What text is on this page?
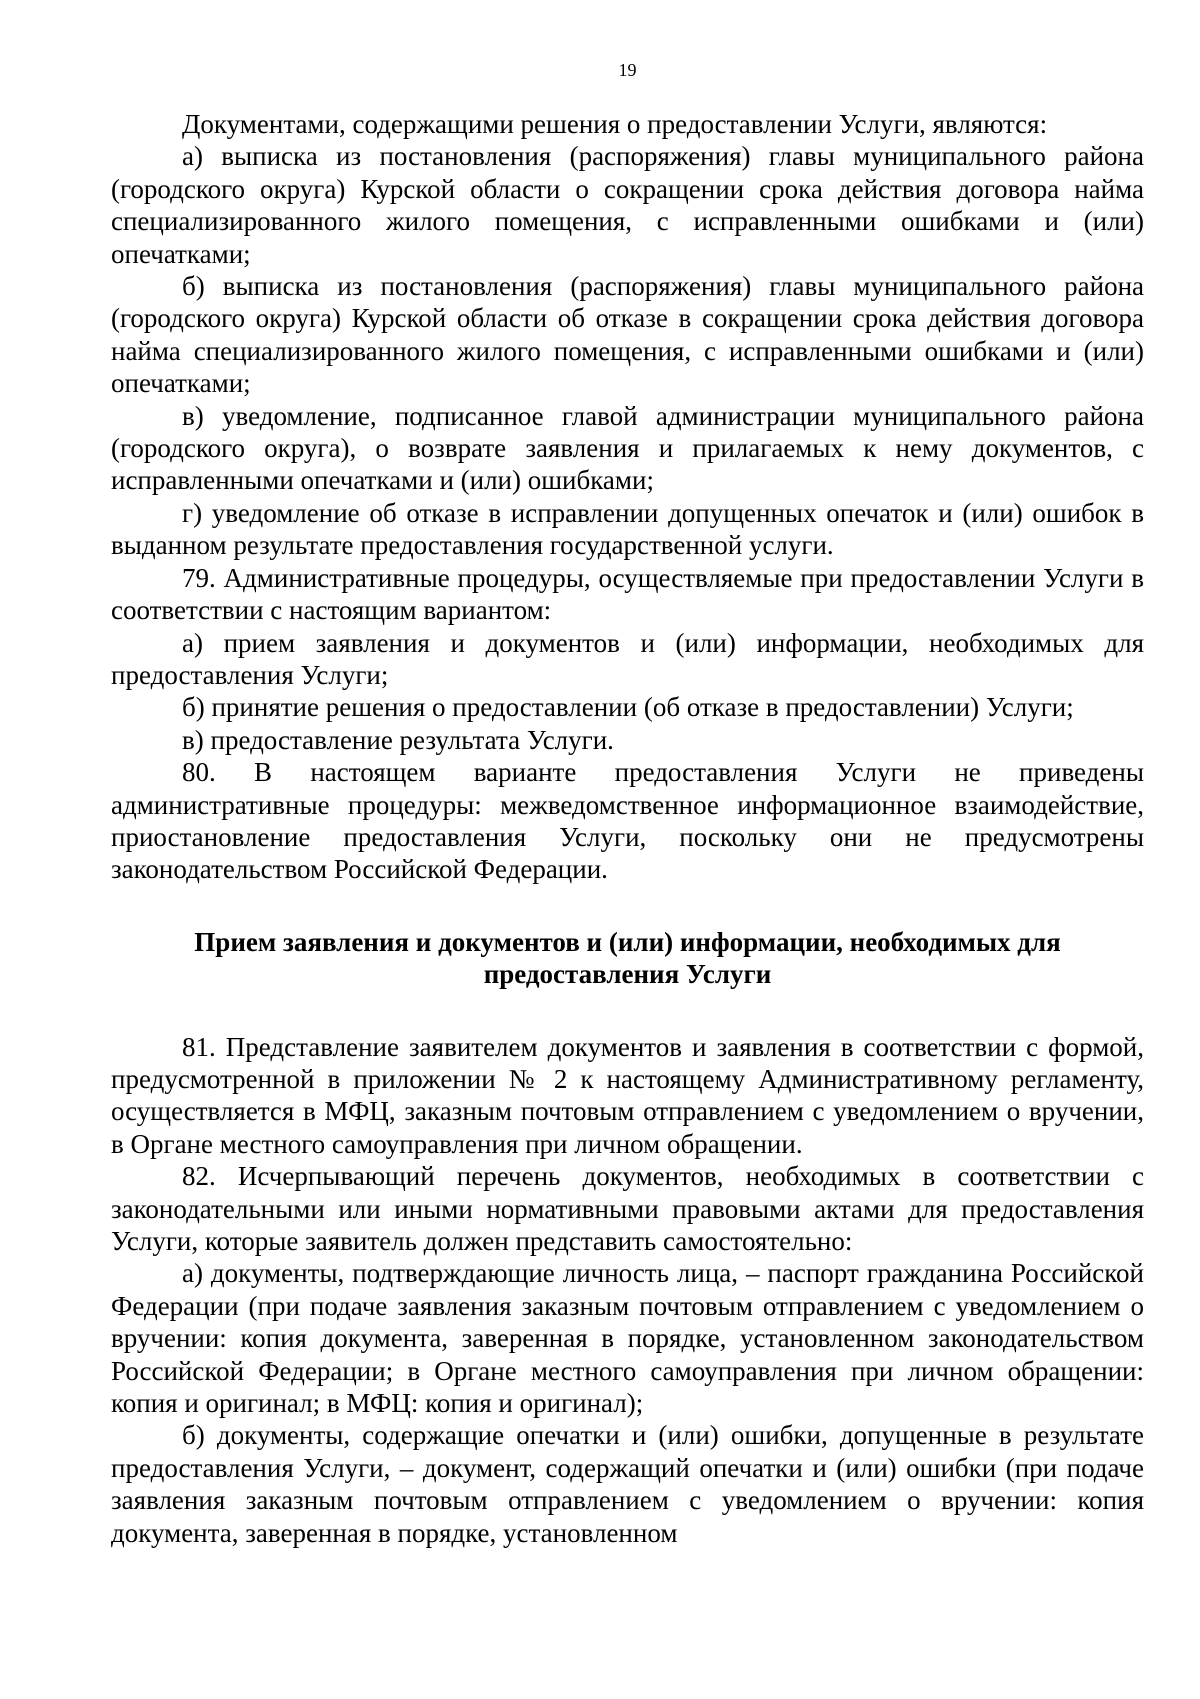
19

Документами, содержащими решения о предоставлении Услуги, являются:

а) выписка из постановления (распоряжения) главы муниципального района (городского округа) Курской области о сокращении срока действия договора найма специализированного жилого помещения, с исправленными ошибками и (или) опечатками;

б) выписка из постановления (распоряжения) главы муниципального района (городского округа) Курской области об отказе в сокращении срока действия договора найма специализированного жилого помещения, с исправленными ошибками и (или) опечатками;

в) уведомление, подписанное главой администрации муниципального района (городского округа), о возврате заявления и прилагаемых к нему документов, с исправленными опечатками и (или) ошибками;

г) уведомление об отказе в исправлении допущенных опечаток и (или) ошибок в выданном результате предоставления государственной услуги.

79. Административные процедуры, осуществляемые при предоставлении Услуги в соответствии с настоящим вариантом:

а) прием заявления и документов и (или) информации, необходимых для предоставления Услуги;

б) принятие решения о предоставлении (об отказе в предоставлении) Услуги;

в) предоставление результата Услуги.

80. В настоящем варианте предоставления Услуги не приведены административные процедуры: межведомственное информационное взаимодействие, приостановление предоставления Услуги, поскольку они не предусмотрены законодательством Российской Федерации.

Прием заявления и документов и (или) информации, необходимых для
предоставления Услуги

81. Представление заявителем документов и заявления в соответствии с формой, предусмотренной в приложении № 2 к настоящему Административному регламенту, осуществляется в МФЦ, заказным почтовым отправлением с уведомлением о вручении, в Органе местного самоуправления при личном обращении.

82. Исчерпывающий перечень документов, необходимых в соответствии с законодательными или иными нормативными правовыми актами для предоставления Услуги, которые заявитель должен представить самостоятельно:

а) документы, подтверждающие личность лица, – паспорт гражданина Российской Федерации (при подаче заявления заказным почтовым отправлением с уведомлением о вручении: копия документа, заверенная в порядке, установленном законодательством Российской Федерации; в Органе местного самоуправления при личном обращении: копия и оригинал; в МФЦ: копия и оригинал);

б) документы, содержащие опечатки и (или) ошибки, допущенные в результате предоставления Услуги, – документ, содержащий опечатки и (или) ошибки (при подаче заявления заказным почтовым отправлением с уведомлением о вручении: копия документа, заверенная в порядке, установленном
